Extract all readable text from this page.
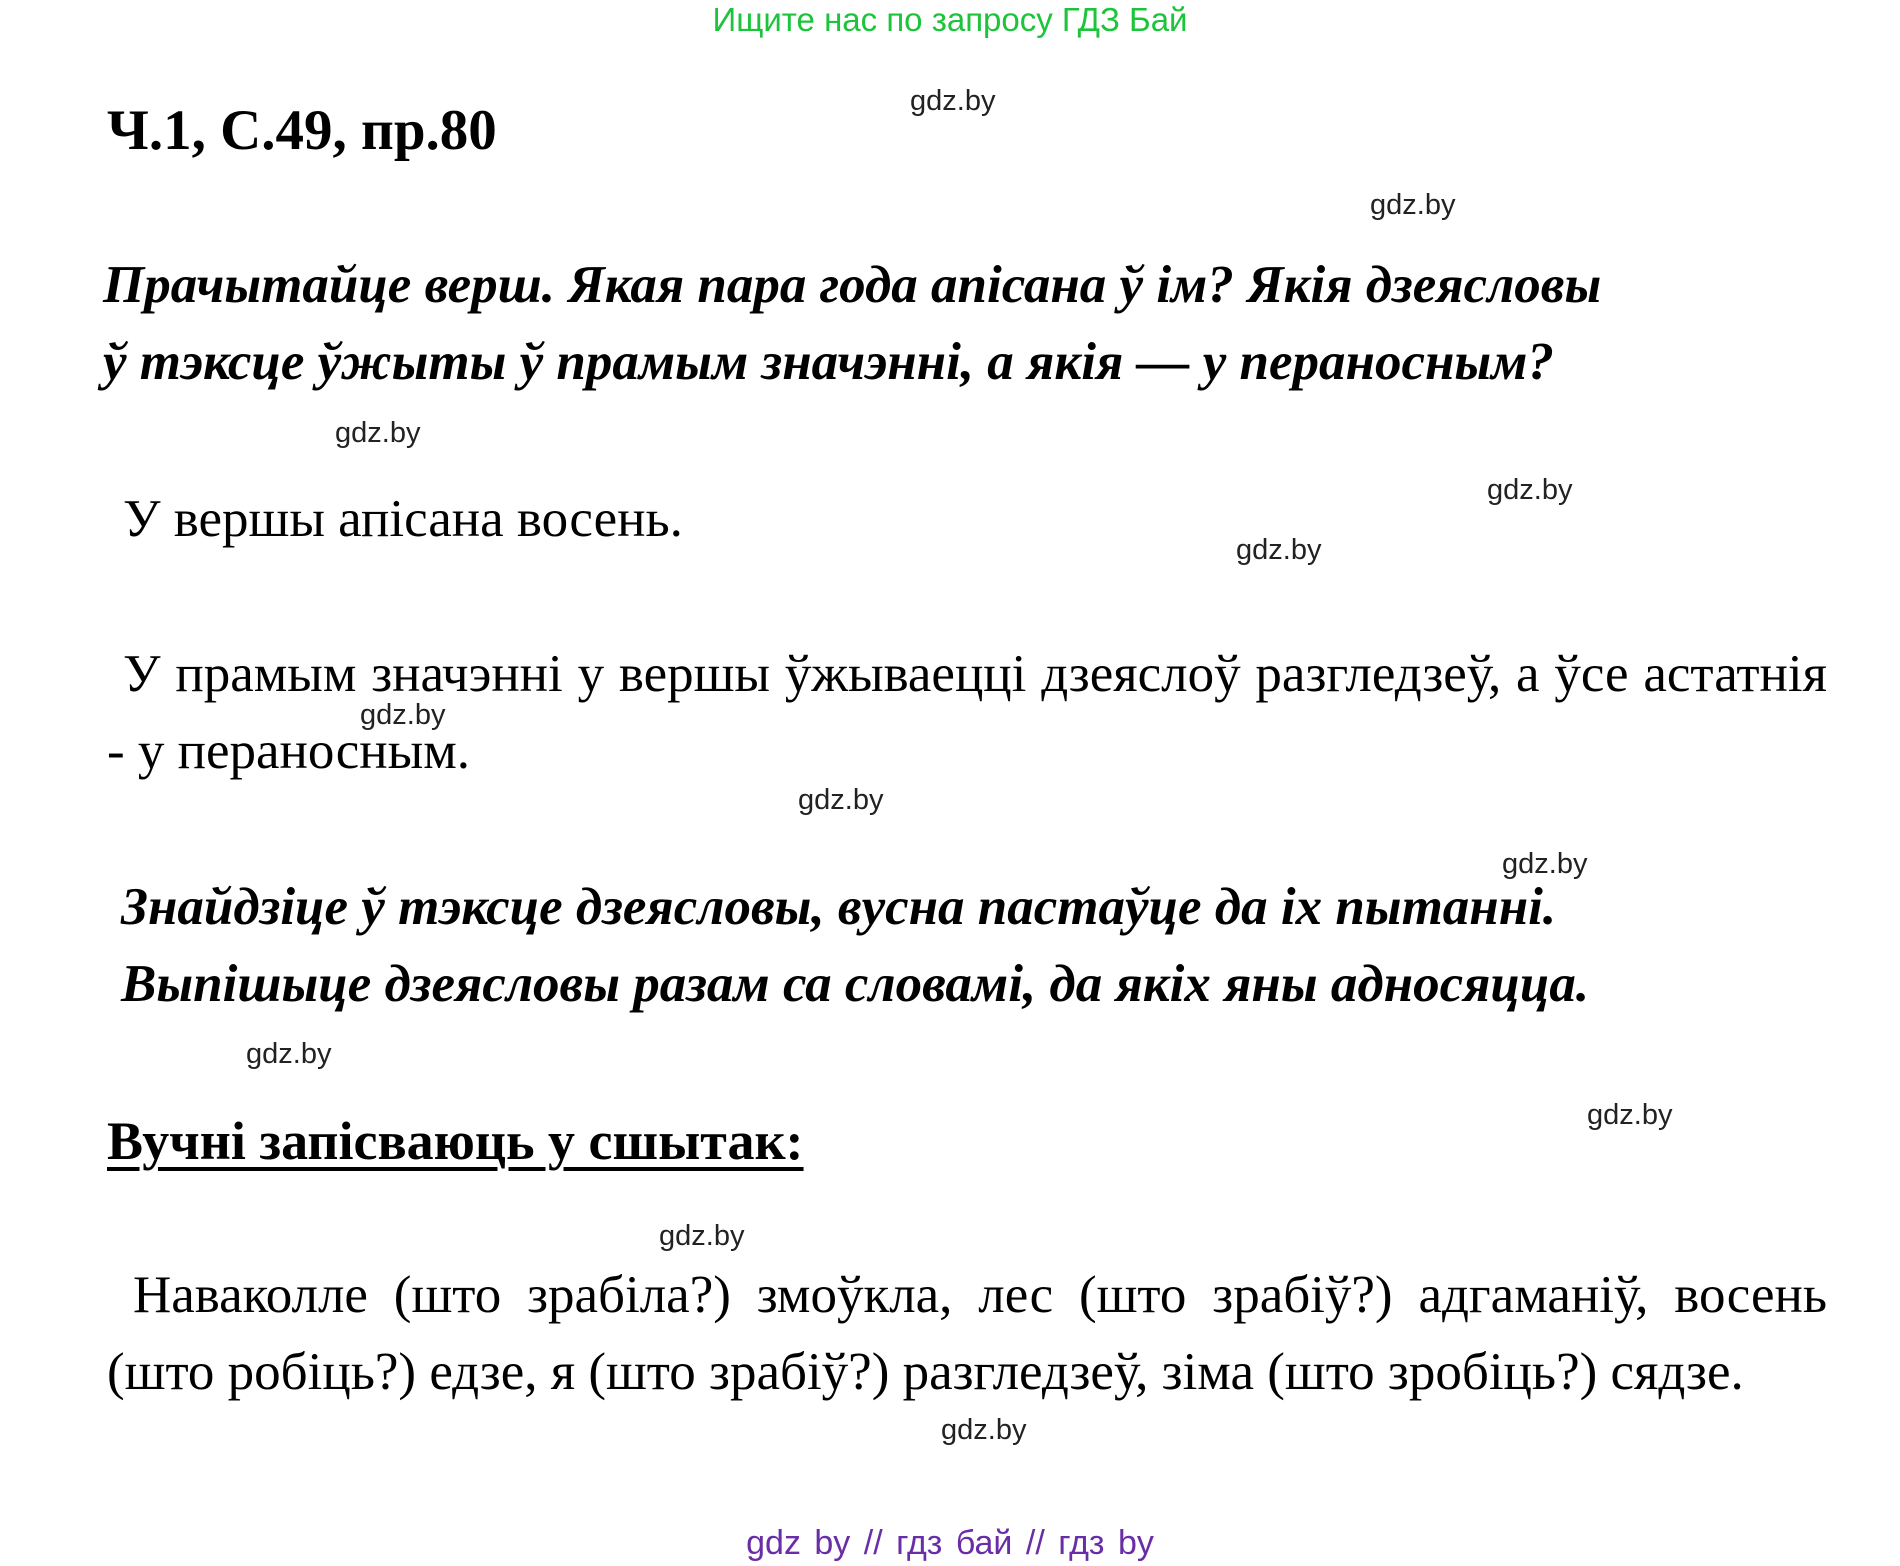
Ищите нас по запросу ГДЗ Бай
Ч.1, С.49, пр.80
Прачытайце верш. Якая пара года апісана ў ім? Якія дзеясловы
ў тэксце ўжыты ў прамым значэнні, а якія — у пераносным?
У вершы апісана восень.
У прамым значэнні у вершы ўжываецці дзеяслоў разгледзеў, а ўсе астатнія - у пераносным.
Знайдзіце ў тэксце дзеясловы, вусна пастаўце да іх пытанні.
Выпішыце дзеясловы разам са словамі, да якіх яны адносяцца.
Вучні запісваюць у сшытак:
Наваколле (што зрабіла?) змоўкла, лес (што зрабіў?) адгаманіў, восень (што робіць?) едзе, я (што зрабіў?) разгледзеў, зіма (што зробіць?) сядзе.
gdz.by
gdz.by
gdz.by
gdz.by
gdz.by
gdz.by
gdz.by
gdz.by
gdz.by
gdz.by
gdz.by
gdz.by
gdz by // гдз бай // гдз by
